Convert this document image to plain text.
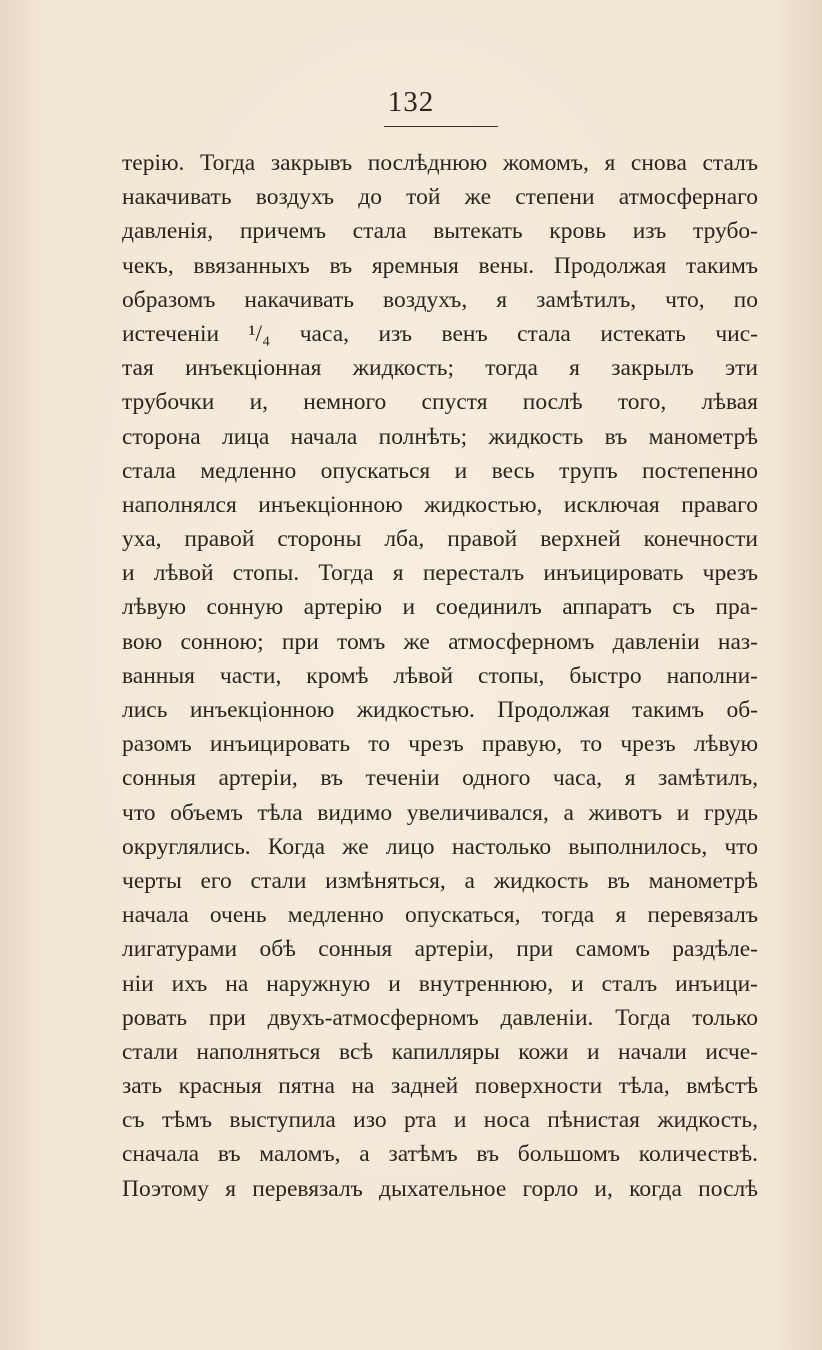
132
терію. Тогда закрывъ послѣднюю жомомъ, я снова сталъ
накачивать воздухъ до той же степени атмосфернаго
давленія, причемъ стала вытекать кровь изъ трубо-
чекъ, ввязанныхъ въ яремныя вены. Продолжая такимъ
образомъ накачивать воздухъ, я замѣтилъ, что, по
истеченіи ¹/₄ часа, изъ венъ стала истекать чис-
тая инъекціонная жидкость; тогда я закрылъ эти
трубочки и, немного спустя послѣ того, лѣвая
сторона лица начала полнѣть; жидкость въ манометрѣ
стала медленно опускаться и весь трупъ постепенно
наполнялся инъекціонною жидкостью, исключая праваго
уха, правой стороны лба, правой верхней конечности
и лѣвой стопы. Тогда я пересталъ инъицировать чрезъ
лѣвую сонную артерію и соединилъ аппаратъ съ пра-
вою сонною; при томъ же атмосферномъ давленіи наз-
ванныя части, кромѣ лѣвой стопы, быстро наполни-
лись инъекціонною жидкостью. Продолжая такимъ об-
разомъ инъицировать то чрезъ правую, то чрезъ лѣвую
сонныя артеріи, въ теченіи одного часа, я замѣтилъ,
что объемъ тѣла видимо увеличивался, а животъ и грудь
округлялись. Когда же лицо настолько выполнилось, что
черты его стали измѣняться, а жидкость въ манометрѣ
начала очень медленно опускаться, тогда я перевязалъ
лигатурами обѣ сонныя артеріи, при самомъ раздѣле-
ніи ихъ на наружную и внутреннюю, и сталъ инъици-
ровать при двухъ-атмосферномъ давленіи. Тогда только
стали наполняться всѣ капилляры кожи и начали исче-
зать красныя пятна на задней поверхности тѣла, вмѣстѣ
съ тѣмъ выступила изо рта и носа пѣнистая жидкость,
сначала въ маломъ, а затѣмъ въ большомъ количествѣ.
Поэтому я перевязалъ дыхательное горло и, когда послѣ
